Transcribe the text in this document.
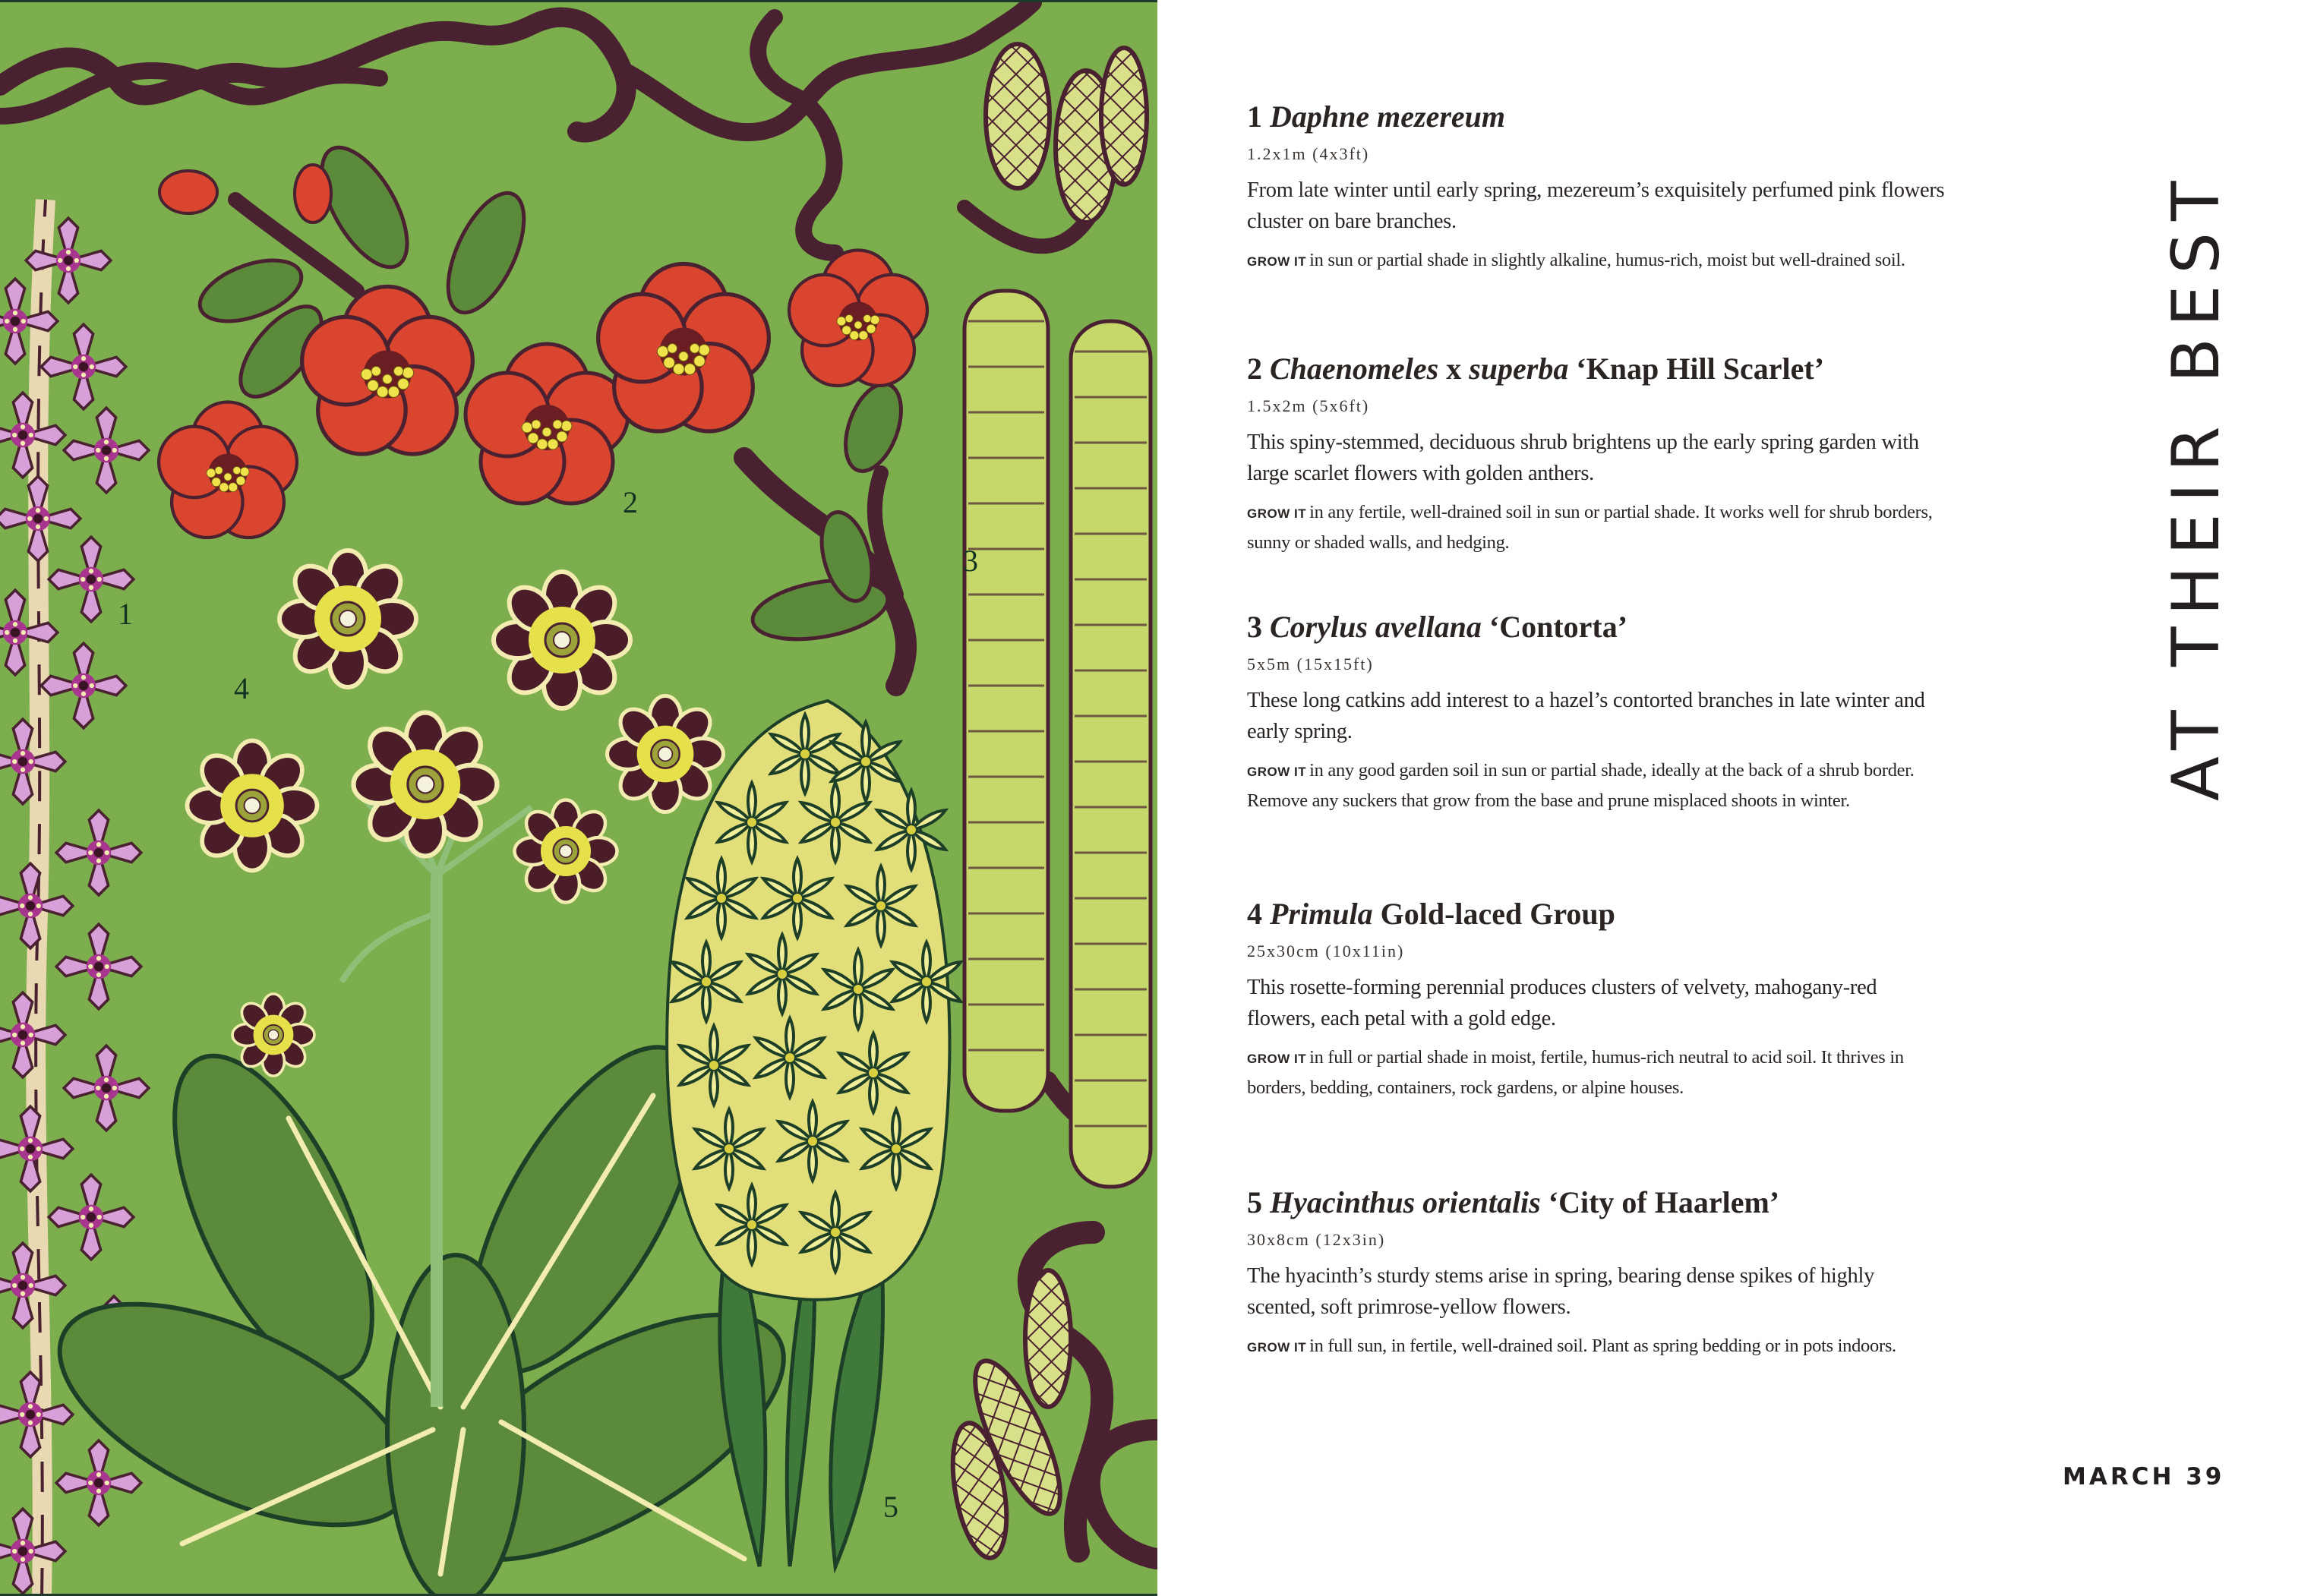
1
2
3
4
5
1 Daphne mezereum
1.2x1m (4x3ft)
From late winter until early spring, mezereum’s exquisitely perfumed pink flowers cluster on bare branches.
GROW IT in sun or partial shade in slightly alkaline, humus-rich, moist but well-drained soil.
2 Chaenomeles x superba ‘Knap Hill Scarlet’
1.5x2m (5x6ft)
This spiny-stemmed, deciduous shrub brightens up the early spring garden with large scarlet flowers with golden anthers.
GROW IT in any fertile, well-drained soil in sun or partial shade. It works well for shrub borders, sunny or shaded walls, and hedging.
3 Corylus avellana ‘Contorta’
5x5m (15x15ft)
These long catkins add interest to a hazel’s contorted branches in late winter and early spring.
GROW IT in any good garden soil in sun or partial shade, ideally at the back of a shrub border. Remove any suckers that grow from the base and prune misplaced shoots in winter.
4 Primula Gold-laced Group
25x30cm (10x11in)
This rosette-forming perennial produces clusters of velvety, mahogany-red flowers, each petal with a gold edge.
GROW IT in full or partial shade in moist, fertile, humus-rich neutral to acid soil. It thrives in borders, bedding, containers, rock gardens, or alpine houses.
5 Hyacinthus orientalis ‘City of Haarlem’
30x8cm (12x3in)
The hyacinth’s sturdy stems arise in spring, bearing dense spikes of highly scented, soft primrose-yellow flowers.
GROW IT in full sun, in fertile, well-drained soil. Plant as spring bedding or in pots indoors.
AT THEIR BEST
MARCH 39
